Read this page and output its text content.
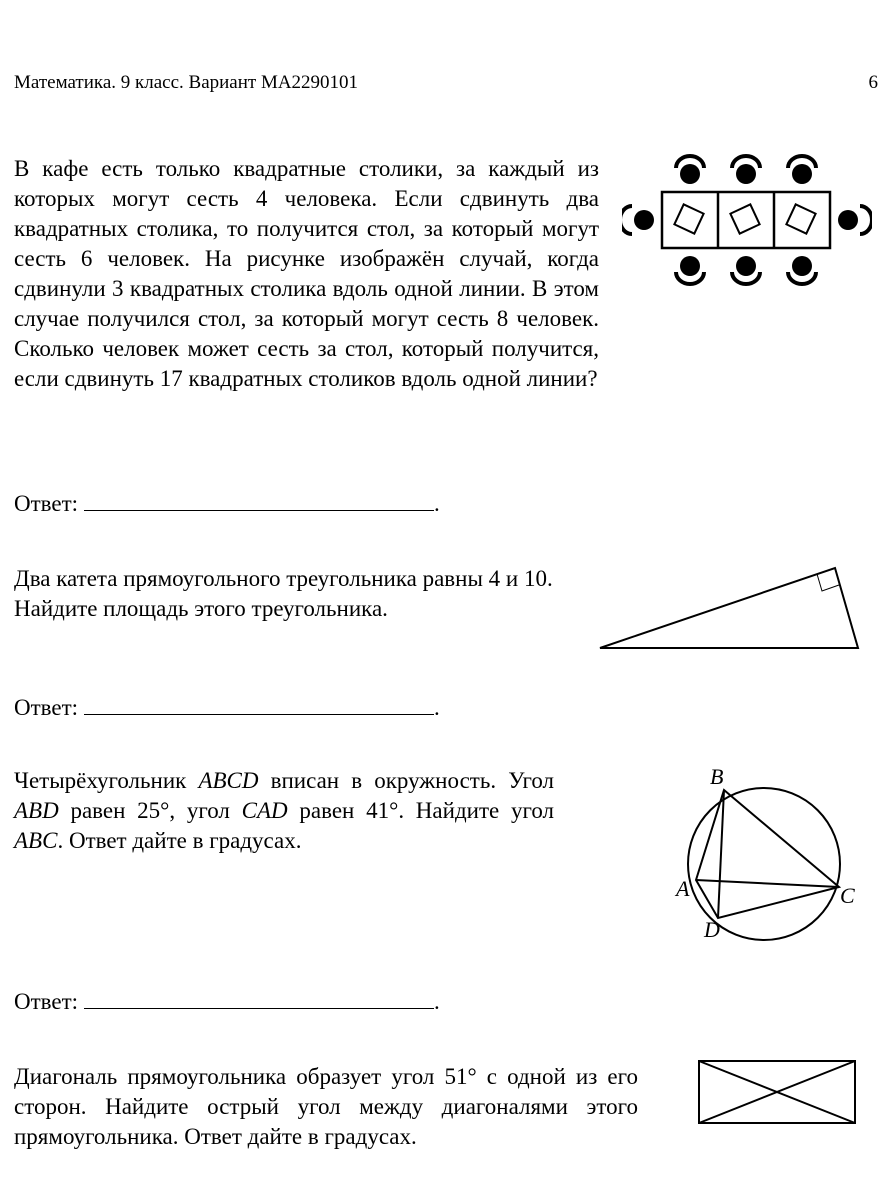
Математика. 9 класс. Вариант МА2290101	6
В кафе есть только квадратные столики, за каждый из которых могут сесть 4 человека. Если сдвинуть два квадратных столика, то получится стол, за который могут сесть 6 человек. На рисунке изображён случай, когда сдвинули 3 квадратных столика вдоль одной линии. В этом случае получился стол, за который могут сесть 8 человек. Сколько человек может сесть за стол, который получится, если сдвинуть 17 квадратных столиков вдоль одной линии?
Ответ:	.
Два катета прямоугольного треугольника равны 4 и 10. Найдите площадь этого треугольника.
Ответ:	.
Четырёхугольник ABCD вписан в окружность. Угол ABD равен 25°, угол CAD равен 41°. Найдите угол ABC. Ответ дайте в градусах.
B
A	C
D
Ответ:	.
Диагональ прямоугольника образует угол 51° с одной из его сторон. Найдите острый угол между диагоналями этого прямоугольника. Ответ дайте в градусах.
